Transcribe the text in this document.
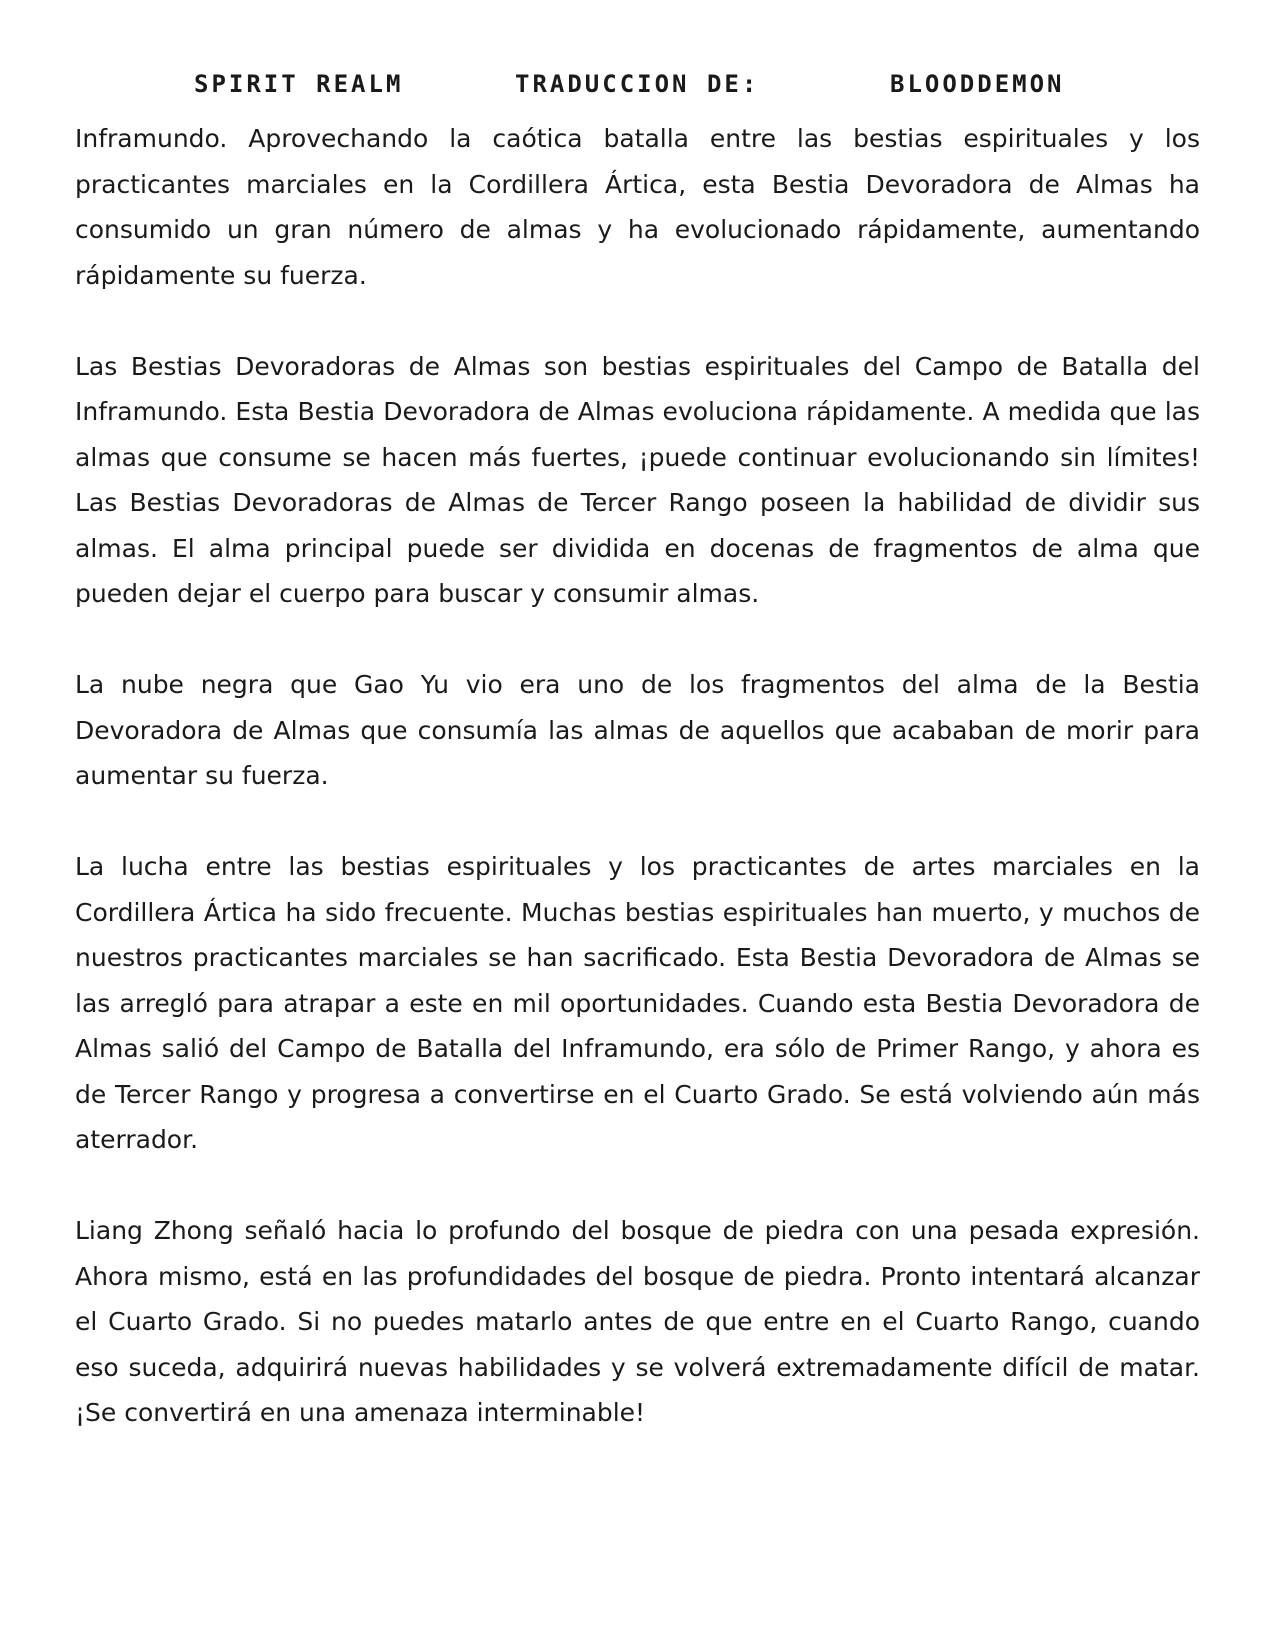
SPIRIT REALM	TRADUCCION DE:	BLOODDEMON

Inframundo. Aprovechando la caótica batalla entre las bestias espirituales y los practicantes marciales en la Cordillera Ártica, esta Bestia Devoradora de Almas ha consumido un gran número de almas y ha evolucionado rápidamente, aumentando rápidamente su fuerza.

Las Bestias Devoradoras de Almas son bestias espirituales del Campo de Batalla del Inframundo. Esta Bestia Devoradora de Almas evoluciona rápidamente. A medida que las almas que consume se hacen más fuertes, ¡puede continuar evolucionando sin límites! Las Bestias Devoradoras de Almas de Tercer Rango poseen la habilidad de dividir sus almas. El alma principal puede ser dividida en docenas de fragmentos de alma que pueden dejar el cuerpo para buscar y consumir almas.

La nube negra que Gao Yu vio era uno de los fragmentos del alma de la Bestia Devoradora de Almas que consumía las almas de aquellos que acababan de morir para aumentar su fuerza.

La lucha entre las bestias espirituales y los practicantes de artes marciales en la Cordillera Ártica ha sido frecuente. Muchas bestias espirituales han muerto, y muchos de nuestros practicantes marciales se han sacrificado. Esta Bestia Devoradora de Almas se las arregló para atrapar a este en mil oportunidades. Cuando esta Bestia Devoradora de Almas salió del Campo de Batalla del Inframundo, era sólo de Primer Rango, y ahora es de Tercer Rango y progresa a convertirse en el Cuarto Grado. Se está volviendo aún más aterrador.

Liang Zhong señaló hacia lo profundo del bosque de piedra con una pesada expresión. Ahora mismo, está en las profundidades del bosque de piedra. Pronto intentará alcanzar el Cuarto Grado. Si no puedes matarlo antes de que entre en el Cuarto Rango, cuando eso suceda, adquirirá nuevas habilidades y se volverá extremadamente difícil de matar. ¡Se convertirá en una amenaza interminable!
